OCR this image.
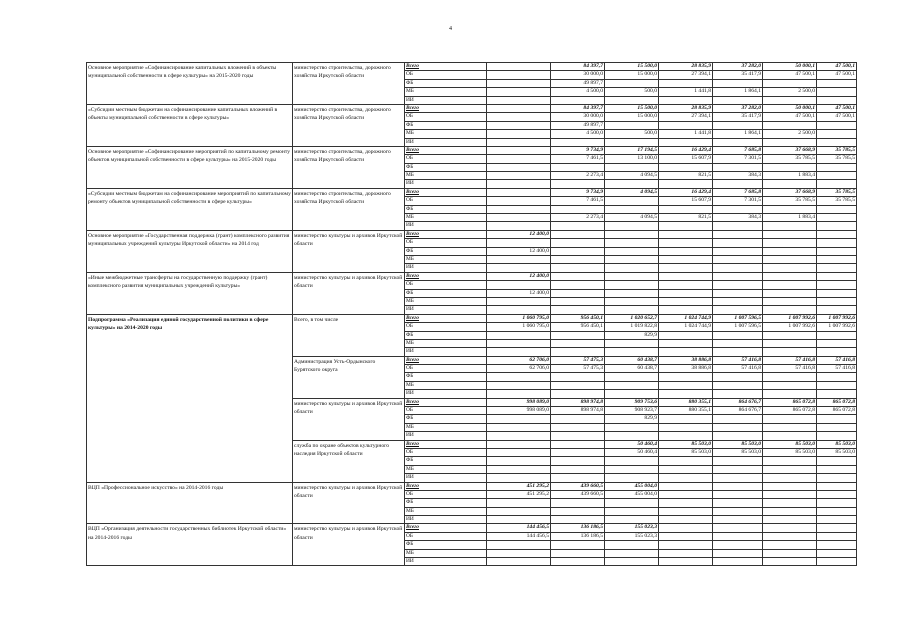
4
Основное мероприятие «Софинансирование капитальных вложений в объекты муниципальной собственности в сфере культуры» на 2015-2020 годы	министерство строительства, дорожного хозяйства Иркутской области	Всего		84 397,7	15 500,0	28 835,9	37 282,0	50 000,1	47 500,1
		ОБ		30 000,0	15 000,0	27 394,1	35 417,9	47 500,1	47 500,1
		ФБ		49 897,7					
		МБ		4 500,0	500,0	1 441,8	1 864,1	2 500,0	
		ИИ							
«Субсидии местным бюджетам на софинансирование капитальных вложений в объекты муниципальной собственности в сфере культуры»	министерство строительства, дорожного хозяйства Иркутской области	Всего		84 397,7	15 500,0	28 835,9	37 282,0	50 000,1	47 500,1
		ОБ		30 000,0	15 000,0	27 394,1	35 417,9	47 500,1	47 500,1
		ФБ		49 897,7					
		МБ		4 500,0	500,0	1 441,8	1 864,1	2 500,0	
		ИИ							
Основное мероприятие «Софинансирование мероприятий по капитальному ремонту объектов муниципальной собственности в сфере культуры» на 2015-2020 годы	министерство строительства, дорожного хозяйства Иркутской области	Всего		9 734,9	17 194,5	16 429,4	7 685,8	37 668,9	35 785,5
		ОБ		7 461,5	13 100,0	15 607,9	7 301,5	35 785,5	35 785,5
		ФБ							
		МБ		2 273,4	4 094,5	821,5	384,3	1 883,4	
		ИИ							
«Субсидии местным бюджетам на софинансирование мероприятий по капитальному ремонту объектов муниципальной собственности в сфере культуры»	министерство строительства, дорожного хозяйства Иркутской области	Всего		9 734,9	4 094,5	16 429,4	7 685,8	37 668,9	35 785,5
		ОБ		7 461,5		15 607,9	7 301,5	35 785,5	35 785,5
		ФБ							
		МБ		2 273,4	4 094,5	821,5	384,3	1 883,4	
		ИИ							
Основное мероприятие «Государственная поддержка (грант) комплексного развития муниципальных учреждений культуры Иркутской области» на 2014 год	министерство культуры и архивов Иркутской области	Всего	12 400,0						
		ОБ							
		ФБ	12 400,0						
		МБ							
		ИИ							
«Иные межбюджетные трансферты на государственную поддержку (грант) комплексного развития муниципальных учреждений культуры»	министерство культуры и архивов Иркутской области	Всего	12 400,0						
		ОБ							
		ФБ	12 400,0						
		МБ							
		ИИ							
Подпрограмма «Реализация единой государственной политики в сфере культуры» на 2014-2020 годы	Всего, в том числе	Всего	1 060 795,0	956 450,1	1 020 652,7	1 024 744,9	1 007 596,5	1 007 992,6	1 007 992,6
		ОБ	1 060 795,0	956 450,1	1 019 822,8	1 024 744,9	1 007 596,5	1 007 992,6	1 007 992,6
		ФБ			829,9				
		МБ							
		ИИ							
	Администрация Усть-Ордынского Бурятского округа	Всего	62 706,0	57 475,3	60 438,7	38 886,8	57 416,8	57 416,8	57 416,8
		ОБ	62 706,0	57 475,3	60 438,7	38 886,8	57 416,8	57 416,8	57 416,8
		ФБ							
		МБ							
		ИИ							
	министерство культуры и архивов Иркутской области	Всего	998 089,0	898 974,8	909 753,6	880 355,1	864 676,7	865 072,8	865 072,8
		ОБ	998 089,0	898 974,8	908 923,7	880 355,1	864 676,7	865 072,8	865 072,8
		ФБ			829,9				
		МБ							
		ИИ							
	служба по охране объектов культурного наследия Иркутской области	Всего			50 460,4	85 503,0	85 503,0	85 503,0	85 503,0
		ОБ			50 460,4	85 503,0	85 503,0	85 503,0	85 503,0
		ФБ							
		МБ							
		ИИ							
ВЦП «Профессиональное искусство» на 2014-2016 годы	министерство культуры и архивов Иркутской области	Всего	451 295,2	439 660,5	455 004,0				
		ОБ	451 295,2	439 660,5	455 004,0				
		ФБ							
		МБ							
		ИИ							
ВЦП «Организация деятельности государственных библиотек Иркутской области» на 2014-2016 годы	министерство культуры и архивов Иркутской области	Всего	144 456,5	136 186,5	155 023,3				
		ОБ	144 456,5	136 186,5	155 023,3				
		ФБ							
		МБ							
		ИИ							
